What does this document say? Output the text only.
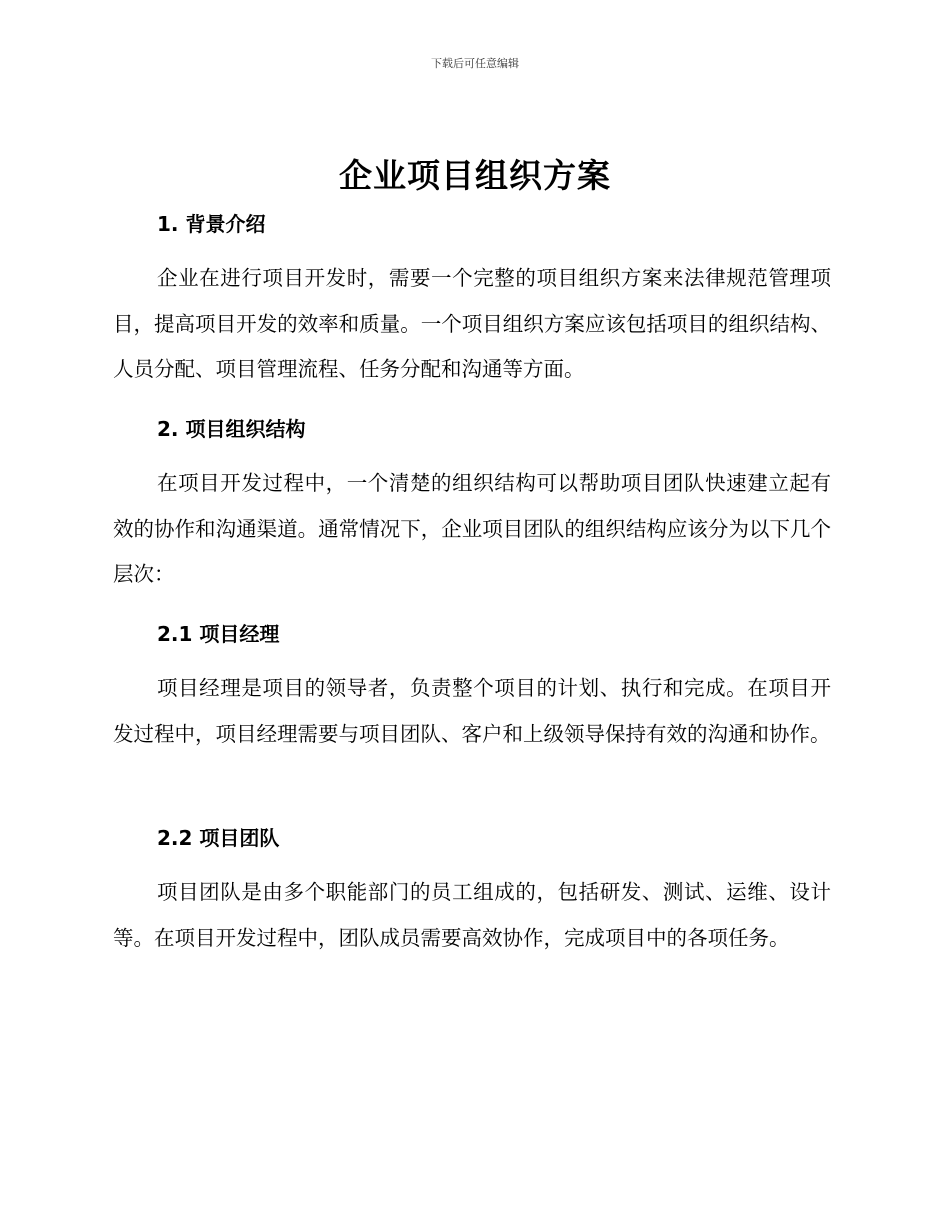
下载后可任意编辑
企业项目组织方案
1. 背景介绍

企业在进行项目开发时，需要一个完整的项目组织方案来法律规范管理项目，提高项目开发的效率和质量。一个项目组织方案应该包括项目的组织结构、人员分配、项目管理流程、任务分配和沟通等方面。

2. 项目组织结构

在项目开发过程中，一个清楚的组织结构可以帮助项目团队快速建立起有效的协作和沟通渠道。通常情况下，企业项目团队的组织结构应该分为以下几个层次：

2.1 项目经理

项目经理是项目的领导者，负责整个项目的计划、执行和完成。在项目开发过程中，项目经理需要与项目团队、客户和上级领导保持有效的沟通和协作。

2.2 项目团队

项目团队是由多个职能部门的员工组成的，包括研发、测试、运维、设计等。在项目开发过程中，团队成员需要高效协作，完成项目中的各项任务。
